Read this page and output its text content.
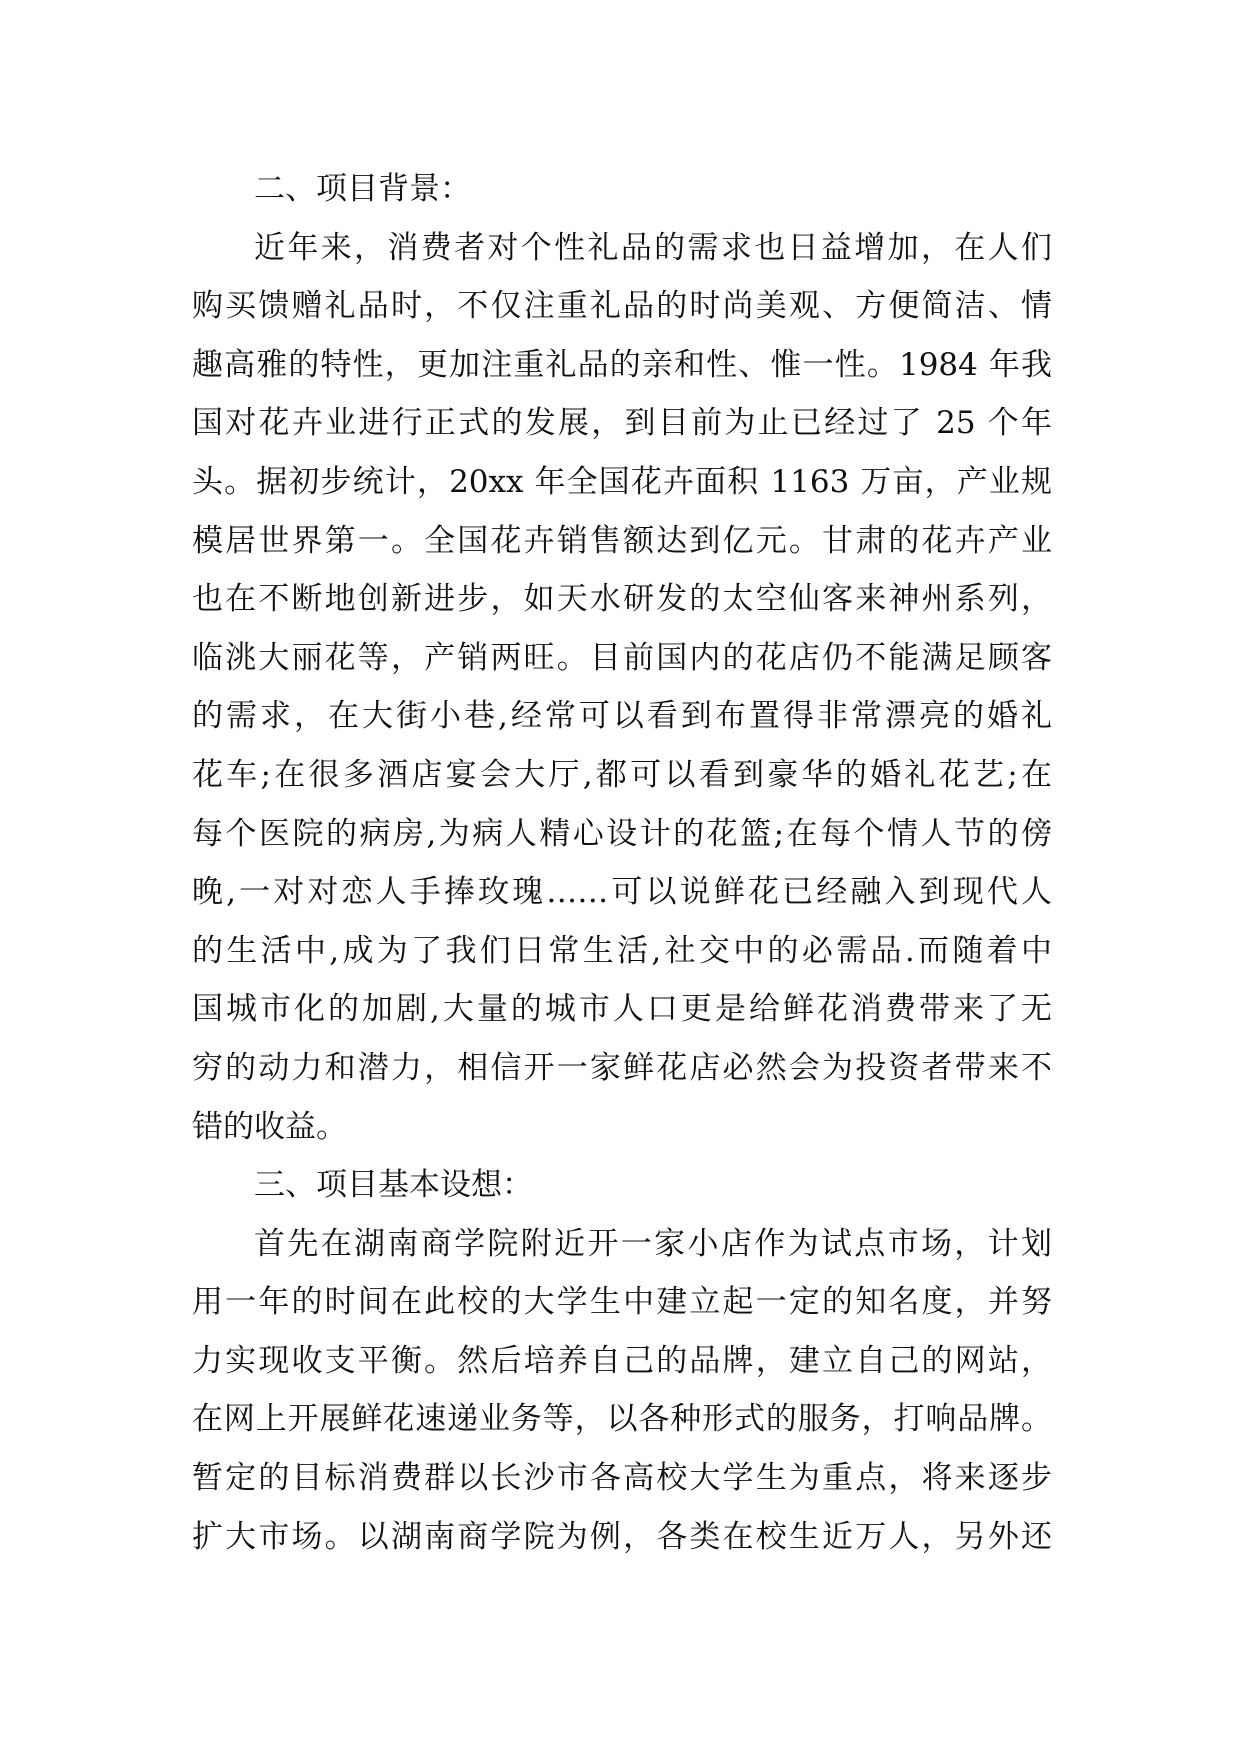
二、项目背景：
近年来，消费者对个性礼品的需求也日益增加，在人们
购买馈赠礼品时，不仅注重礼品的时尚美观、方便简洁、情
趣高雅的特性，更加注重礼品的亲和性、惟一性。1984 年我
国对花卉业进行正式的发展，到目前为止已经过了 25 个年
头。据初步统计，20xx 年全国花卉面积 1163 万亩，产业规
模居世界第一。全国花卉销售额达到亿元。甘肃的花卉产业
也在不断地创新进步，如天水研发的太空仙客来神州系列，
临洮大丽花等，产销两旺。目前国内的花店仍不能满足顾客
的需求，在大街小巷,经常可以看到布置得非常漂亮的婚礼
花车;在很多酒店宴会大厅,都可以看到豪华的婚礼花艺;在
每个医院的病房,为病人精心设计的花篮;在每个情人节的傍
晚,一对对恋人手捧玫瑰……可以说鲜花已经融入到现代人
的生活中,成为了我们日常生活,社交中的必需品.而随着中
国城市化的加剧,大量的城市人口更是给鲜花消费带来了无
穷的动力和潜力，相信开一家鲜花店必然会为投资者带来不
错的收益。
三、项目基本设想：
首先在湖南商学院附近开一家小店作为试点市场，计划
用一年的时间在此校的大学生中建立起一定的知名度，并努
力实现收支平衡。然后培养自己的品牌，建立自己的网站，
在网上开展鲜花速递业务等，以各种形式的服务，打响品牌。
暂定的目标消费群以长沙市各高校大学生为重点，将来逐步
扩大市场。以湖南商学院为例，各类在校生近万人，另外还
